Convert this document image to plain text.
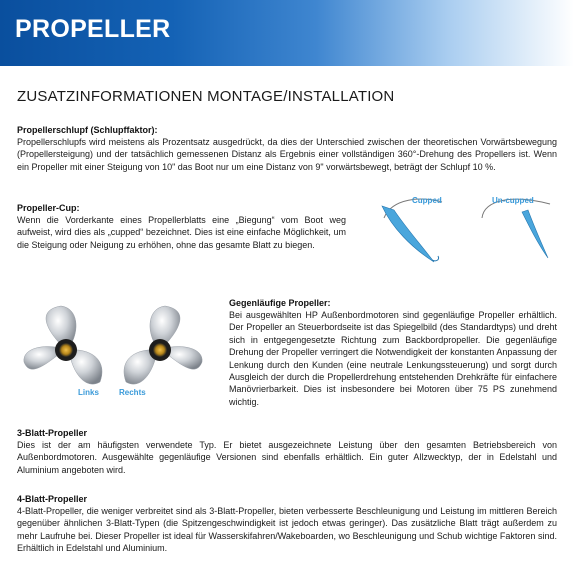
PROPELLER
ZUSATZINFORMATIONEN MONTAGE/INSTALLATION
Propellerschlupf (Schlupffaktor):
Propellerschlupfs wird meistens als Prozentsatz ausgedrückt, da dies der Unterschied zwischen der theoretischen Vorwärtsbewegung (Propellersteigung) und der tatsächlich gemessenen Distanz als Ergebnis einer vollständigen 360°-Drehung des Propellers ist. Wenn ein Propeller mit einer Steigung von 10" das Boot nur um eine Distanz von 9" vorwärtsbewegt, beträgt der Schlupf 10 %.
Propeller-Cup:
Wenn die Vorderkante eines Propellerblatts eine „Biegung“ vom Boot weg aufweist, wird dies als „cupped“ bezeichnet. Dies ist eine einfache Möglichkeit, um die Steigung oder Neigung zu erhöhen, ohne das gesamte Blatt zu biegen.
Cupped	Un-cupped
Links	Rechts
Gegenläufige Propeller:
Bei ausgewählten HP Außenbordmotoren sind gegenläufige Propeller erhältlich. Der Propeller an Steuerbordseite ist das Spiegelbild (des Standardtyps) und dreht sich in entgegengesetzte Richtung zum Backbordpropeller. Die gegenläufige Drehung der Propeller verringert die Notwendigkeit der konstanten Anpassung der Lenkung durch den Kunden (eine neutrale Lenkungssteuerung) und sorgt durch Ausgleich der durch die Propellerdrehung entstehenden Drehkräfte für einfachere Manövrierbarkeit. Dies ist insbesondere bei Motoren über 75 PS zunehmend wichtig.
3-Blatt-Propeller
Dies ist der am häufigsten verwendete Typ. Er bietet ausgezeichnete Leistung über den gesamten Betriebsbereich von Außenbordmotoren. Ausgewählte gegenläufige Versionen sind ebenfalls erhältlich. Ein guter Allzwecktyp, der in Edelstahl und Aluminium angeboten wird.
4-Blatt-Propeller
4-Blatt-Propeller, die weniger verbreitet sind als 3-Blatt-Propeller, bieten verbesserte Beschleunigung und Leistung im mittleren Bereich gegenüber ähnlichen 3-Blatt-Typen (die Spitzengeschwindigkeit ist jedoch etwas geringer). Das zusätzliche Blatt trägt außerdem zu mehr Laufruhe bei. Dieser Propeller ist ideal für Wasserskifahren/Wakeboarden, wo Beschleunigung und Schub wichtige Faktoren sind. Erhältlich in Edelstahl und Aluminium.
